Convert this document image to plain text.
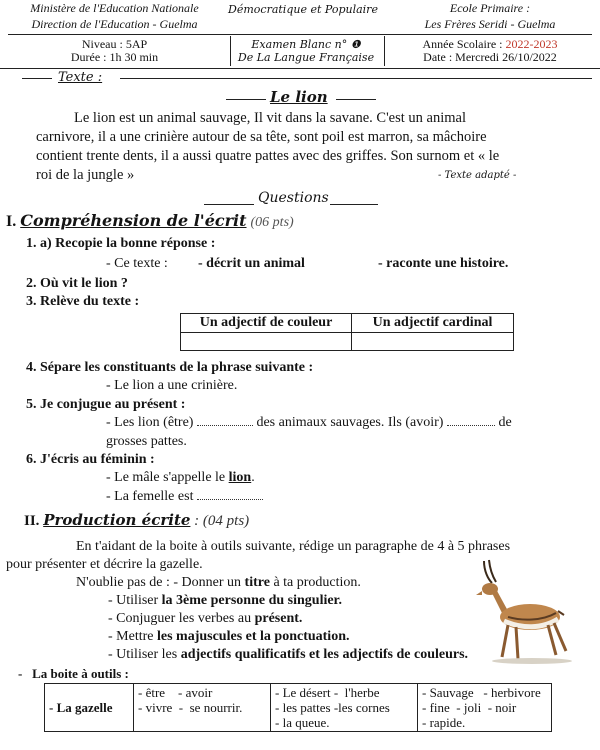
Ministère de l'Education Nationale
Direction de l'Education - Guelma
Démocratique et Populaire	Ecole Primaire :
Les Frères Seridi - Guelma
Niveau : 5AP
Durée : 1h 30 min
Examen Blanc n° ❶
De La Langue Française
Année Scolaire : 2022-2023
Date : Mercredi 26/10/2022
Texte :
Le lion
Le lion est un animal sauvage, Il vit dans la savane. C'est un animal
carnivore, il a une crinière autour de sa tête, sont poil est marron, sa mâchoire
contient trente dents, il a aussi quatre pattes avec des griffes. Son surnom et « le
roi de la jungle »	- Texte adapté -
Questions
I. Compréhension de l'écrit (06 pts)
1. a) Recopie la bonne réponse :
- Ce texte : - décrit un animal	- raconte une histoire.
2. Où vit le lion ?
3. Relève du texte :
Un adjectif de couleur	Un adjectif cardinal

4. Sépare les constituants de la phrase suivante :
- Le lion a une crinière.
5. Je conjugue au présent :
- Les lion (être)	des animaux sauvages. Ils (avoir)	de
grosses pattes.
6. J'écris au féminin :
- Le mâle s'appelle le lion.
- La femelle est
II. Production écrite : (04 pts)
En t'aidant de la boite à outils suivante, rédige un paragraphe de 4 à 5 phrases
pour présenter et décrire la gazelle.
N'oublie pas de : - Donner un titre à ta production.
- Utiliser la 3ème personne du singulier.
- Conjuguer les verbes au présent.
- Mettre les majuscules et la ponctuation.
- Utiliser les adjectifs qualificatifs et les adjectifs de couleurs.
-   La boite à outils :
- La gazelle	
- être    - avoir
- vivre  -  se nourrir.

- Le désert -  l'herbe
- les pattes -les cornes
- la queue.

- Sauvage   - herbivore
- fine  - joli  - noir
- rapide.
